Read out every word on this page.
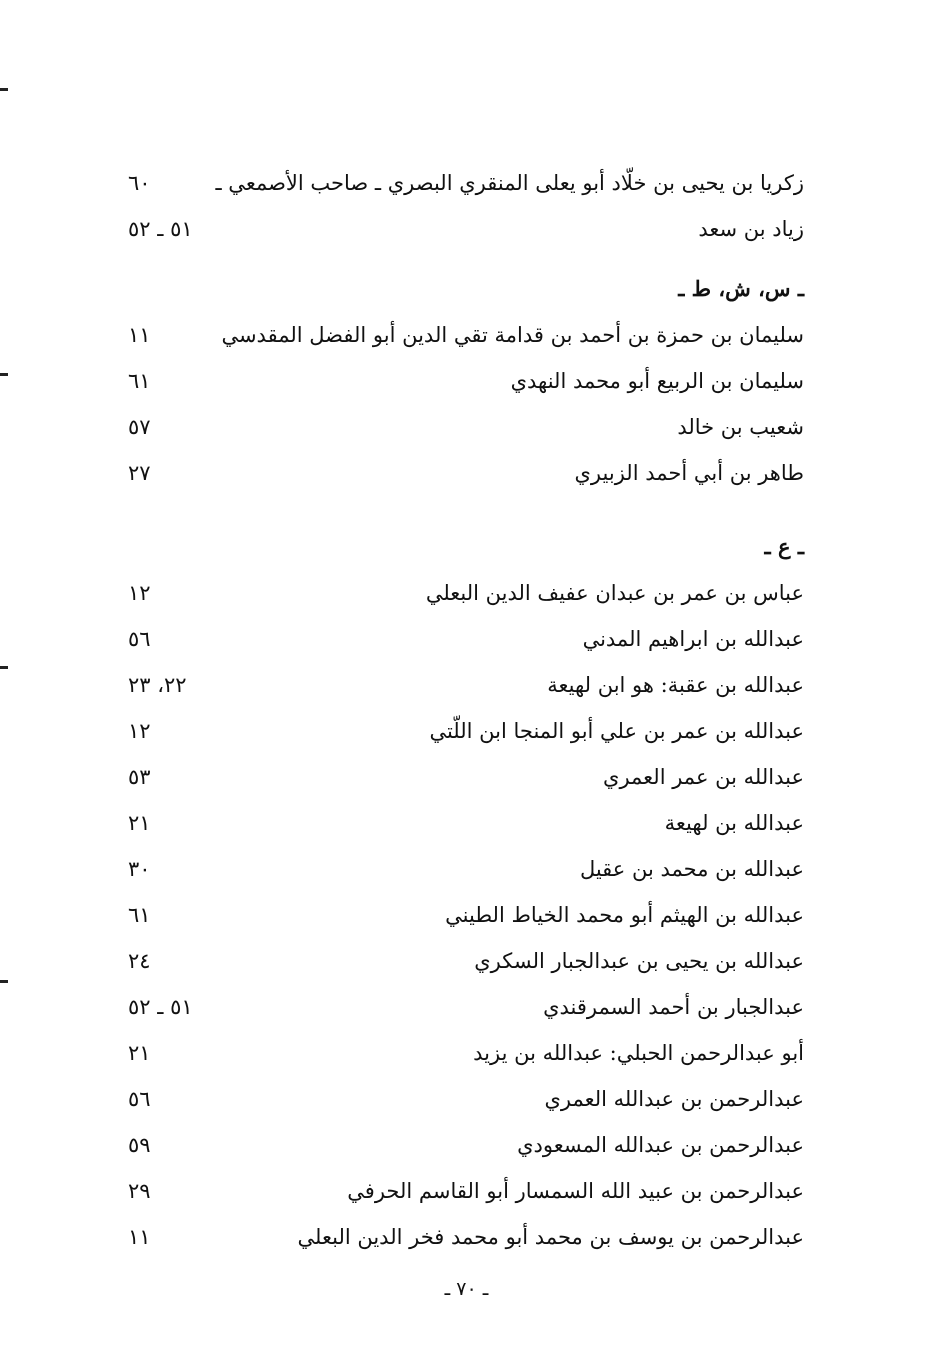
زكريا بن يحيى بن خلّاد أبو يعلى المنقري البصري ـ صاحب الأصمعي ـ
٦٠
زياد بن سعد
٥١ ـ ٥٢
ـ س، ش، ط ـ
سليمان بن حمزة بن أحمد بن قدامة تقي الدين أبو الفضل المقدسي
١١
سليمان بن الربيع أبو محمد النهدي
٦١
شعيب بن خالد
٥٧
طاهر بن أبي أحمد الزبيري
٢٧
ـ ع ـ
عباس بن عمر بن عبدان عفيف الدين البعلي
١٢
عبدالله بن ابراهيم المدني
٥٦
عبدالله بن عقبة: هو ابن لهيعة
٢٢، ٢٣
عبدالله بن عمر بن علي أبو المنجا ابن اللّتي
١٢
عبدالله بن عمر العمري
٥٣
عبدالله بن لهيعة
٢١
عبدالله بن محمد بن عقيل
٣٠
عبدالله بن الهيثم أبو محمد الخياط الطيني
٦١
عبدالله بن يحيى بن عبدالجبار السكري
٢٤
عبدالجبار بن أحمد السمرقندي
٥١ ـ ٥٢
أبو عبدالرحمن الحبلي: عبدالله بن يزيد
٢١
عبدالرحمن بن عبدالله العمري
٥٦
عبدالرحمن بن عبدالله المسعودي
٥٩
عبدالرحمن بن عبيد الله السمسار أبو القاسم الحرفي
٢٩
عبدالرحمن بن يوسف بن محمد أبو محمد فخر الدين البعلي
١١
ـ ٧٠ ـ
